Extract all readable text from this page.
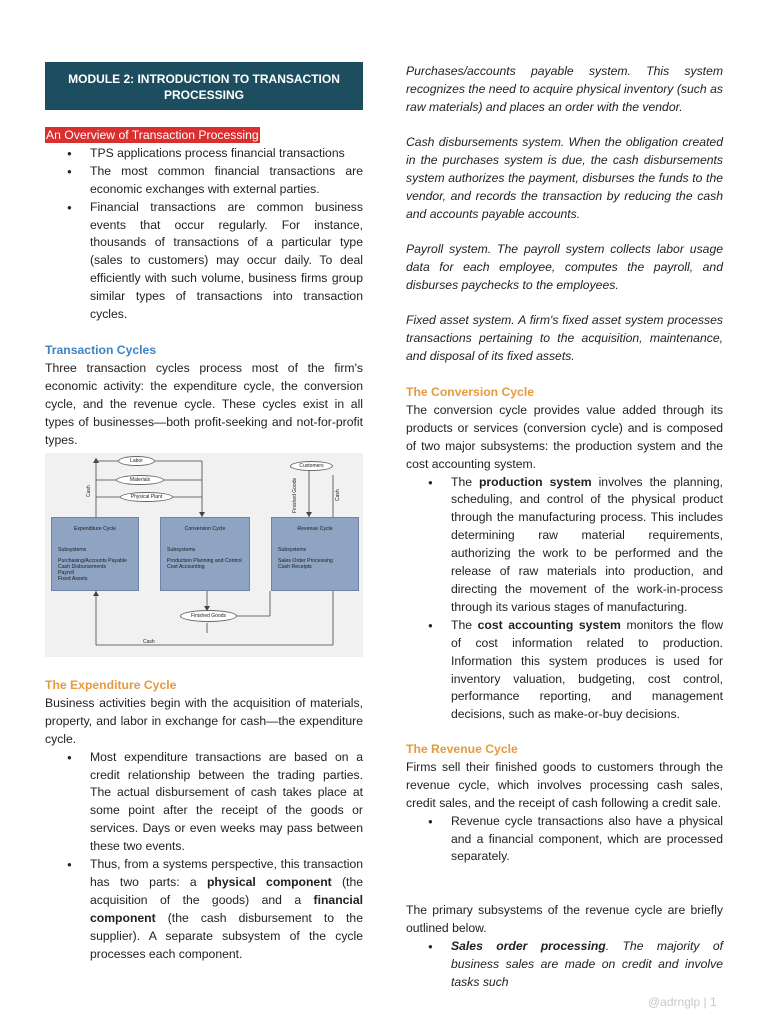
MODULE 2: INTRODUCTION TO TRANSACTION
PROCESSING
An Overview of Transaction Processing
● TPS applications process financial transactions
● The most common financial transactions are economic exchanges with external parties.
● Financial transactions are common business events that occur regularly. For instance, thousands of transactions of a particular type (sales to customers) may occur daily. To deal efficiently with such volume, business firms group similar types of transactions into transaction cycles.
Transaction Cycles

Three transaction cycles process most of the firm's economic activity: the expenditure cycle, the conversion cycle, and the revenue cycle. These cycles exist in all types of businesses—both profit-seeking and not-for-profit types.

Labor
Materials
Physical Plant
Customers
Finished Goods
Cash	Finished Goods	Cash
Cash
Expenditure Cycle
Subsystems
Purchasing/Accounts Payable
Cash Disbursements
Payroll
Fixed Assets
Conversion Cycle
Subsystems
Production Planning and Control
Cost Accounting
Revenue Cycle
Subsystems
Sales Order Processing
Cash Receipts
The Expenditure Cycle

Business activities begin with the acquisition of materials, property, and labor in exchange for cash—the expenditure cycle.

● Most expenditure transactions are based on a credit relationship between the trading parties. The actual disbursement of cash takes place at some point after the receipt of the goods or services. Days or even weeks may pass between these two events.
● Thus, from a systems perspective, this transaction has two parts: a physical component (the acquisition of the goods) and a financial component (the cash disbursement to the supplier). A separate subsystem of the cycle processes each component.

Purchases/accounts payable system. This system recognizes the need to acquire physical inventory (such as raw materials) and places an order with the vendor.

Cash disbursements system. When the obligation created in the purchases system is due, the cash disbursements system authorizes the payment, disburses the funds to the vendor, and records the transaction by reducing the cash and accounts payable accounts.

Payroll system. The payroll system collects labor usage data for each employee, computes the payroll, and disburses paychecks to the employees.

Fixed asset system. A firm's fixed asset system processes transactions pertaining to the acquisition, maintenance, and disposal of its fixed assets.

The Conversion Cycle

The conversion cycle provides value added through its products or services (conversion cycle) and is composed of two major subsystems: the production system and the cost accounting system.

● The production system involves the planning, scheduling, and control of the physical product through the manufacturing process. This includes determining raw material requirements, authorizing the work to be performed and the release of raw materials into production, and directing the movement of the work-in-process through its various stages of manufacturing.
● The cost accounting system monitors the flow of cost information related to production. Information this system produces is used for inventory valuation, budgeting, cost control, performance reporting, and management decisions, such as make-or-buy decisions.
The Revenue Cycle

Firms sell their finished goods to customers through the revenue cycle, which involves processing cash sales, credit sales, and the receipt of cash following a credit sale.

● Revenue cycle transactions also have a physical and a financial component, which are processed separately.

The primary subsystems of the revenue cycle are briefly outlined below.

● Sales order processing. The majority of business sales are made on credit and involve tasks such
@adrnglp | 1
